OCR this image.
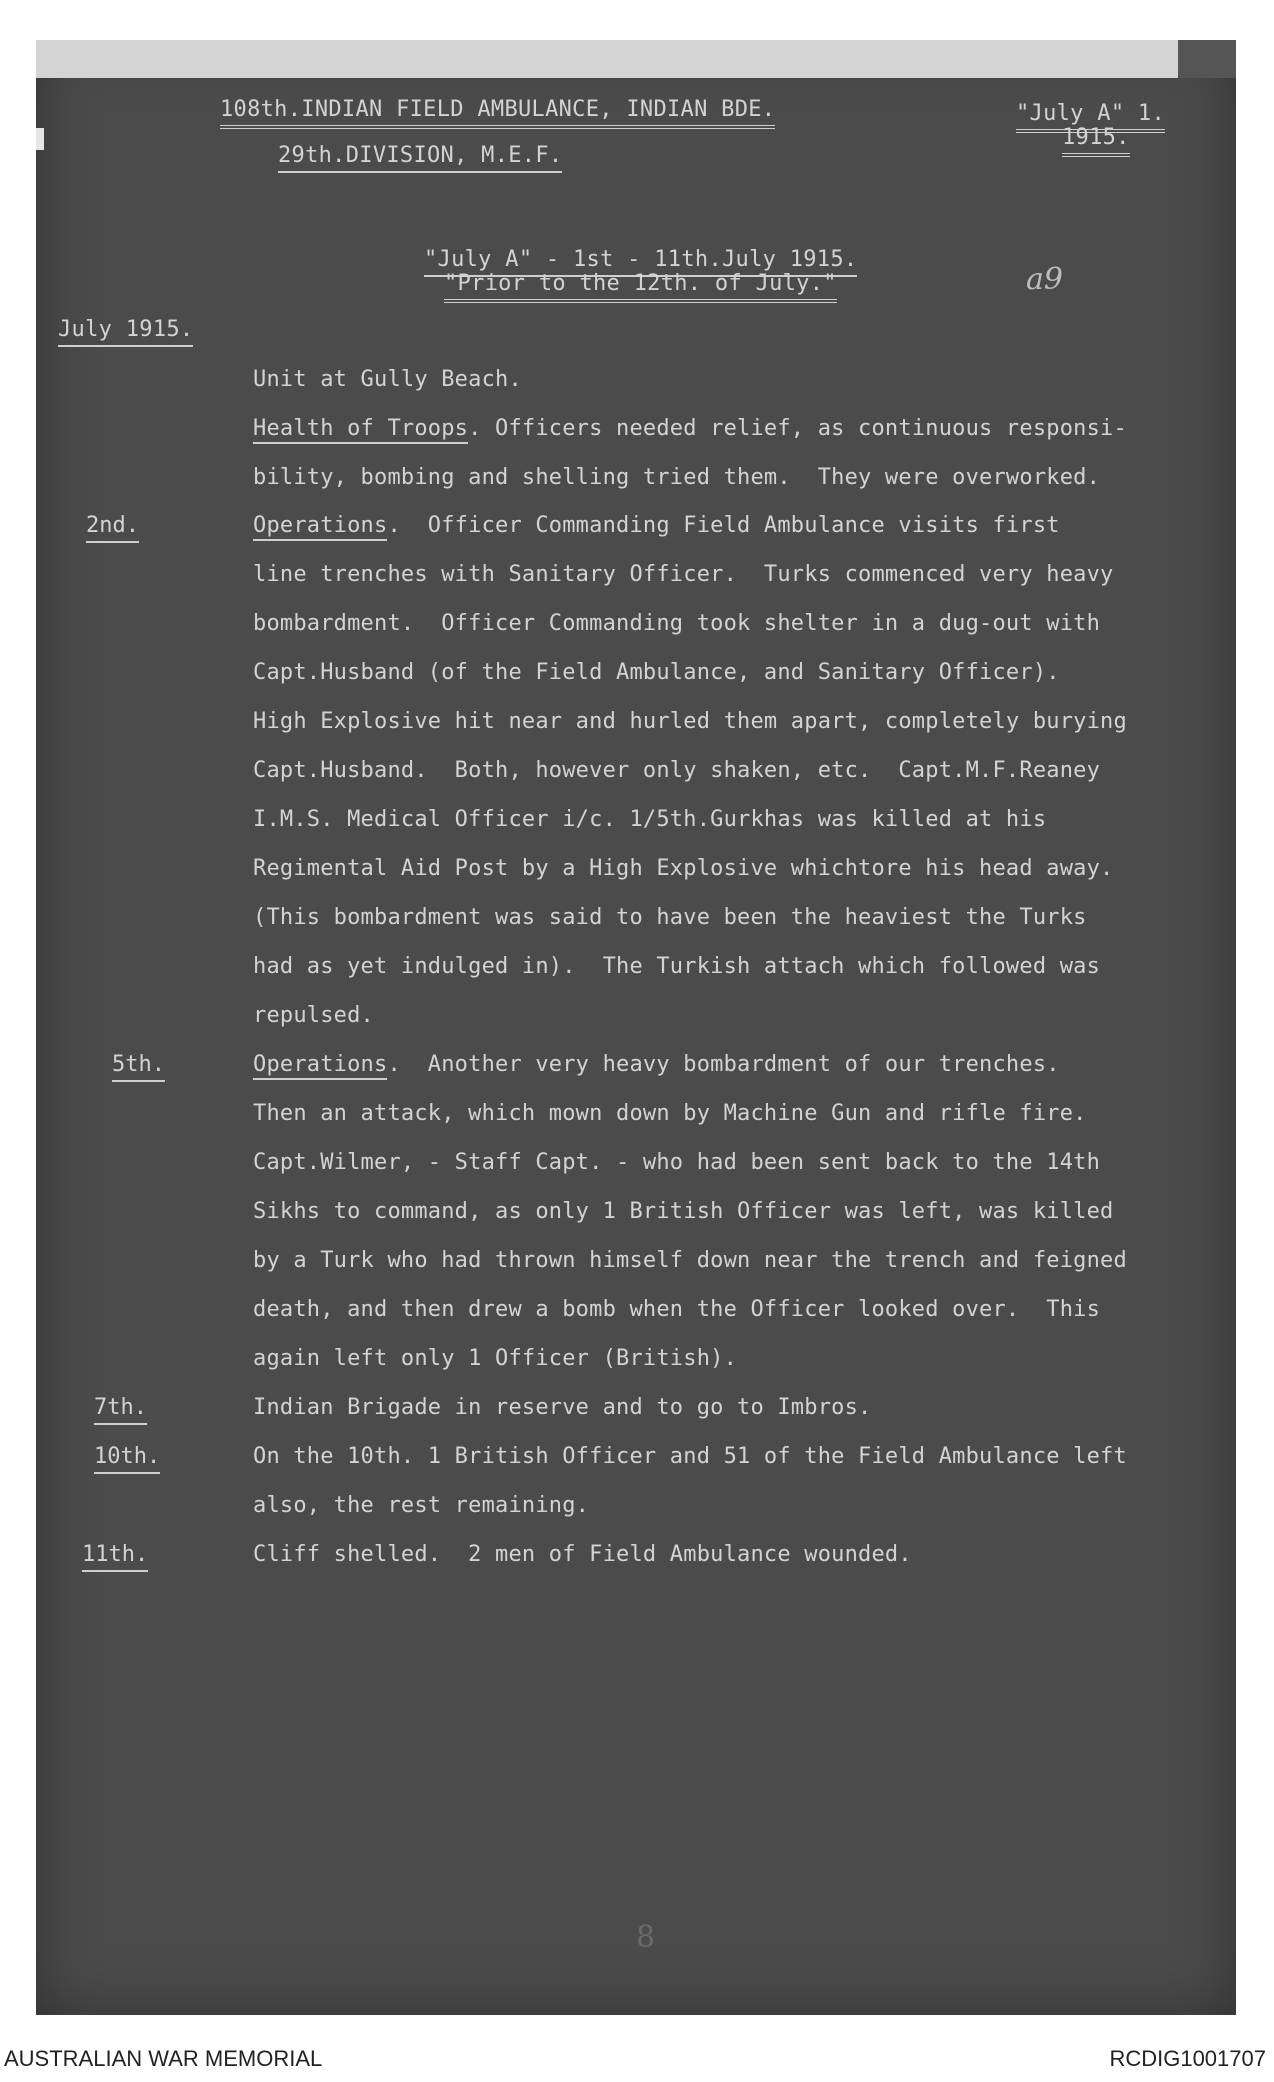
108th.INDIAN FIELD AMBULANCE, INDIAN BDE.
29th.DIVISION, M.E.F.
"July A" 1.
1915.
"July A" - 1st - 11th.July 1915.
"Prior to the 12th. of July."	a9
July 1915.
Unit at Gully Beach.
Health of Troops. Officers needed relief, as continuous responsi-
bility, bombing and shelling tried them.  They were overworked.
2nd.	Operations.  Officer Commanding Field Ambulance visits first
line trenches with Sanitary Officer.  Turks commenced very heavy
bombardment.  Officer Commanding took shelter in a dug-out with
Capt.Husband (of the Field Ambulance, and Sanitary Officer).
High Explosive hit near and hurled them apart, completely burying
Capt.Husband.  Both, however only shaken, etc.  Capt.M.F.Reaney
I.M.S. Medical Officer i/c. 1/5th.Gurkhas was killed at his
Regimental Aid Post by a High Explosive whichtore his head away.
(This bombardment was said to have been the heaviest the Turks
had as yet indulged in).  The Turkish attach which followed was
repulsed.
5th.	Operations.  Another very heavy bombardment of our trenches.
Then an attack, which mown down by Machine Gun and rifle fire.
Capt.Wilmer, - Staff Capt. - who had been sent back to the 14th
Sikhs to command, as only 1 British Officer was left, was killed
by a Turk who had thrown himself down near the trench and feigned
death, and then drew a bomb when the Officer looked over.  This
again left only 1 Officer (British).
7th.	Indian Brigade in reserve and to go to Imbros.
10th.	On the 10th. 1 British Officer and 51 of the Field Ambulance left
also, the rest remaining.
11th.	Cliff shelled.  2 men of Field Ambulance wounded.
8
AUSTRALIAN WAR MEMORIAL	RCDIG1001707
